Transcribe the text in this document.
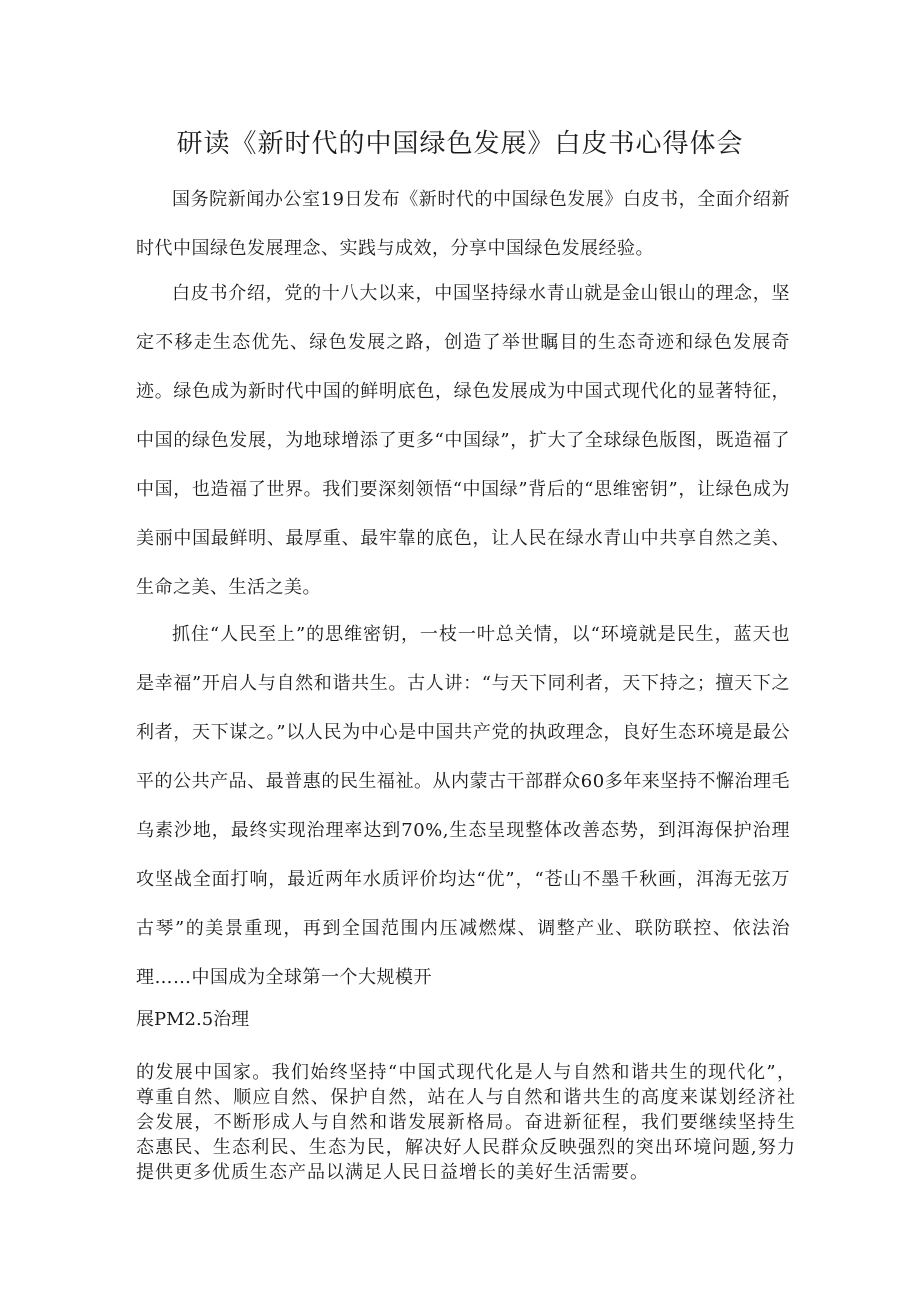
研读《新时代的中国绿色发展》白皮书心得体会

国务院新闻办公室19日发布《新时代的中国绿色发展》白皮书，全面介绍新时代中国绿色发展理念、实践与成效，分享中国绿色发展经验。

白皮书介绍，党的十八大以来，中国坚持绿水青山就是金山银山的理念，坚定不移走生态优先、绿色发展之路，创造了举世瞩目的生态奇迹和绿色发展奇迹。绿色成为新时代中国的鲜明底色，绿色发展成为中国式现代化的显著特征，中国的绿色发展，为地球增添了更多“中国绿”，扩大了全球绿色版图，既造福了中国，也造福了世界。我们要深刻领悟“中国绿”背后的“思维密钥”，让绿色成为美丽中国最鲜明、最厚重、最牢靠的底色，让人民在绿水青山中共享自然之美、生命之美、生活之美。

抓住“人民至上”的思维密钥，一枝一叶总关情，以“环境就是民生，蓝天也是幸福”开启人与自然和谐共生。古人讲：“与天下同利者，天下持之；擅天下之利者，天下谋之。”以人民为中心是中国共产党的执政理念，良好生态环境是最公平的公共产品、最普惠的民生福祉。从内蒙古干部群众60多年来坚持不懈治理毛乌素沙地，最终实现治理率达到70%,生态呈现整体改善态势，到洱海保护治理攻坚战全面打响，最近两年水质评价均达“优”，“苍山不墨千秋画，洱海无弦万古琴”的美景重现，再到全国范围内压减燃煤、调整产业、联防联控、依法治理……中国成为全球第一个大规模开

展PM2.5治理

的发展中国家。我们始终坚持“中国式现代化是人与自然和谐共生的现代化”，尊重自然、顺应自然、保护自然，站在人与自然和谐共生的高度来谋划经济社会发展，不断形成人与自然和谐发展新格局。奋进新征程，我们要继续坚持生态惠民、生态利民、生态为民，解决好人民群众反映强烈的突出环境问题,努力提供更多优质生态产品以满足人民日益增长的美好生活需要。
